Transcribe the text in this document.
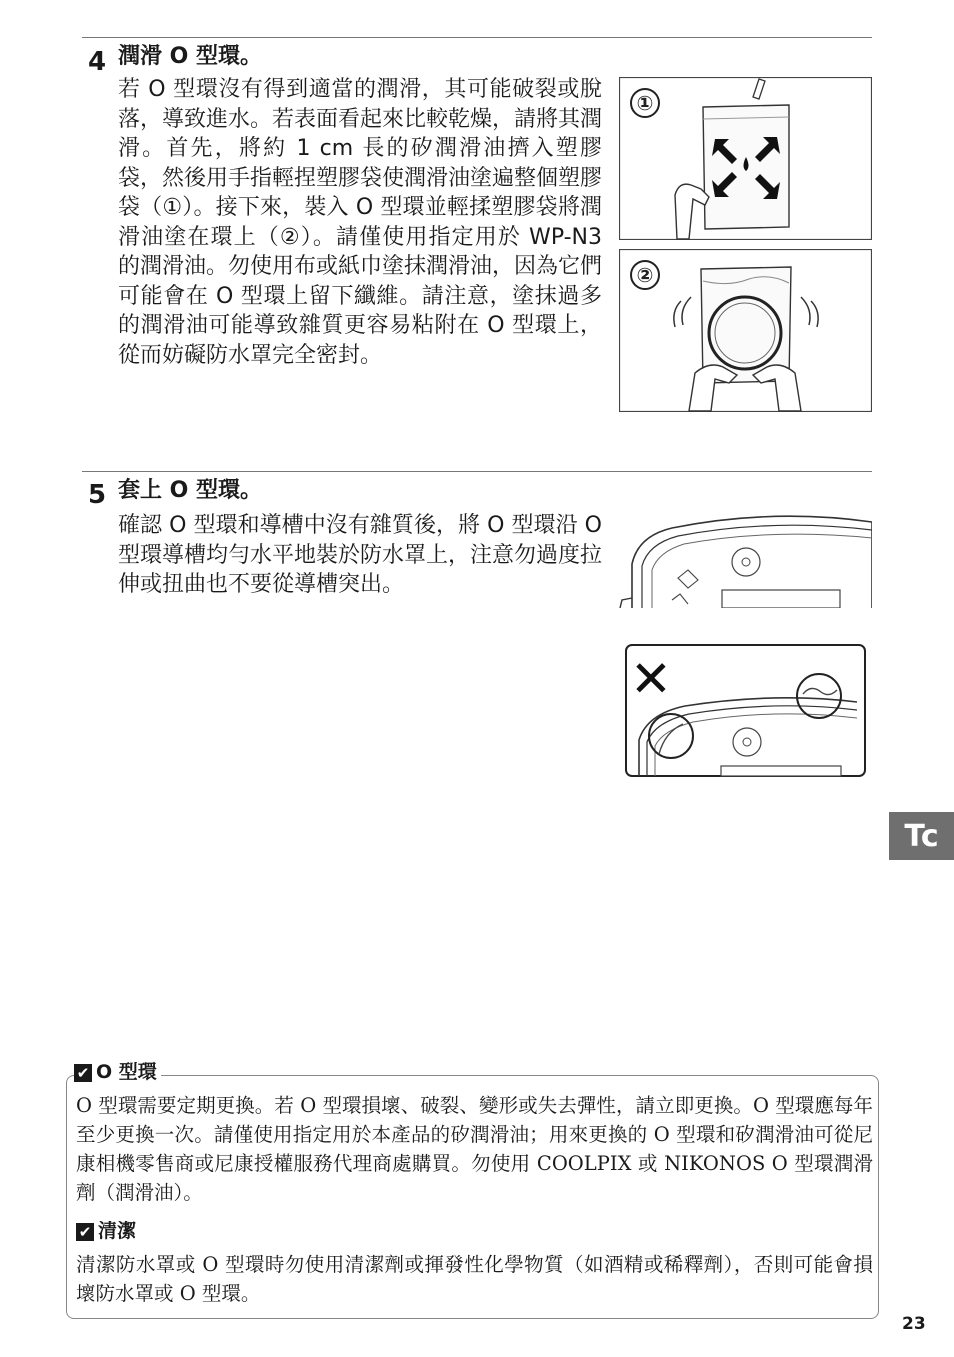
4 潤滑 O 型環。
若 O 型環沒有得到適當的潤滑，其可能破裂或脫落，導致進水。若表面看起來比較乾燥，請將其潤滑。首先，將約 1 cm 長的矽潤滑油擠入塑膠袋，然後用手指輕捏塑膠袋使潤滑油塗遍整個塑膠袋（①）。接下來，裝入 O 型環並輕揉塑膠袋將潤滑油塗在環上（②）。請僅使用指定用於 WP-N3 的潤滑油。勿使用布或紙巾塗抹潤滑油，因為它們可能會在 O 型環上留下纖維。請注意，塗抹過多的潤滑油可能導致雜質更容易粘附在 O 型環上，從而妨礙防水罩完全密封。
①
②
5 套上 O 型環。
確認 O 型環和導槽中沒有雜質後，將 O 型環沿 O 型環導槽均勻水平地裝於防水罩上，注意勿過度拉伸或扭曲也不要從導槽突出。
✕
Tc
✔ O 型環
O 型環需要定期更換。若 O 型環損壞、破裂、變形或失去彈性，請立即更換。O 型環應每年至少更換一次。請僅使用指定用於本產品的矽潤滑油；用來更換的 O 型環和矽潤滑油可從尼康相機零售商或尼康授權服務代理商處購買。勿使用 COOLPIX 或 NIKONOS O 型環潤滑劑（潤滑油）。
✔ 清潔
清潔防水罩或 O 型環時勿使用清潔劑或揮發性化學物質（如酒精或稀釋劑），否則可能會損壞防水罩或 O 型環。
23
